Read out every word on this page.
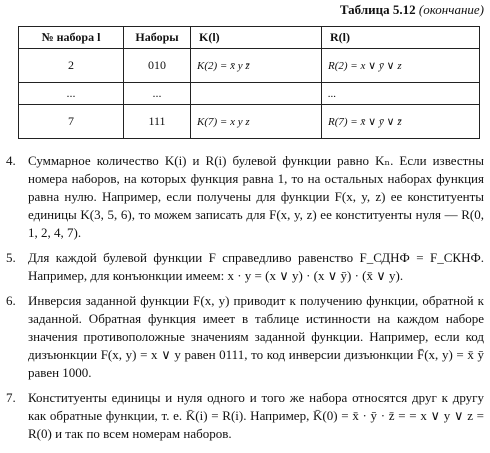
Таблица 5.12 (окончание)
№ набора l	Наборы	K(l)	R(l)
2	010	K(2) = x̄ y z̄	R(2) = x ∨ ȳ ∨ z
...	...		...
7	111	K(7) = x y z	R(7) = x̄ ∨ ȳ ∨ z̄
4. Суммарное количество K(i) и R(i) булевой функции равно Kₙ. Если известны номера наборов, на которых функция равна 1, то на остальных наборах функция равна нулю. Например, если получены для функции F(x, y, z) ее конституенты единицы K(3, 5, 6), то можем записать для F(x, y, z) ее конституенты нуля — R(0, 1, 2, 4, 7).
5. Для каждой булевой функции F справедливо равенство F_СДНФ = F_СКНФ. Например, для конъюнкции имеем: x · y = (x ∨ y) · (x ∨ ȳ) · (x̄ ∨ y).
6. Инверсия заданной функции F(x, y) приводит к получению функции, обратной к заданной. Обратная функция имеет в таблице истинности на каждом наборе значения противоположные значениям заданной функции. Например, если код дизъюнкции F(x, y) = x ∨ y равен 0111, то код инверсии дизъюнкции F̄(x, y) = x̄ ȳ равен 1000.
7. Конституенты единицы и нуля одного и того же набора относятся друг к другу как обратные функции, т. е. K̄(i) = R(i). Например, K̄(0) = x̄ · ȳ · z̄ = = x ∨ y ∨ z = R(0) и так по всем номерам наборов.
